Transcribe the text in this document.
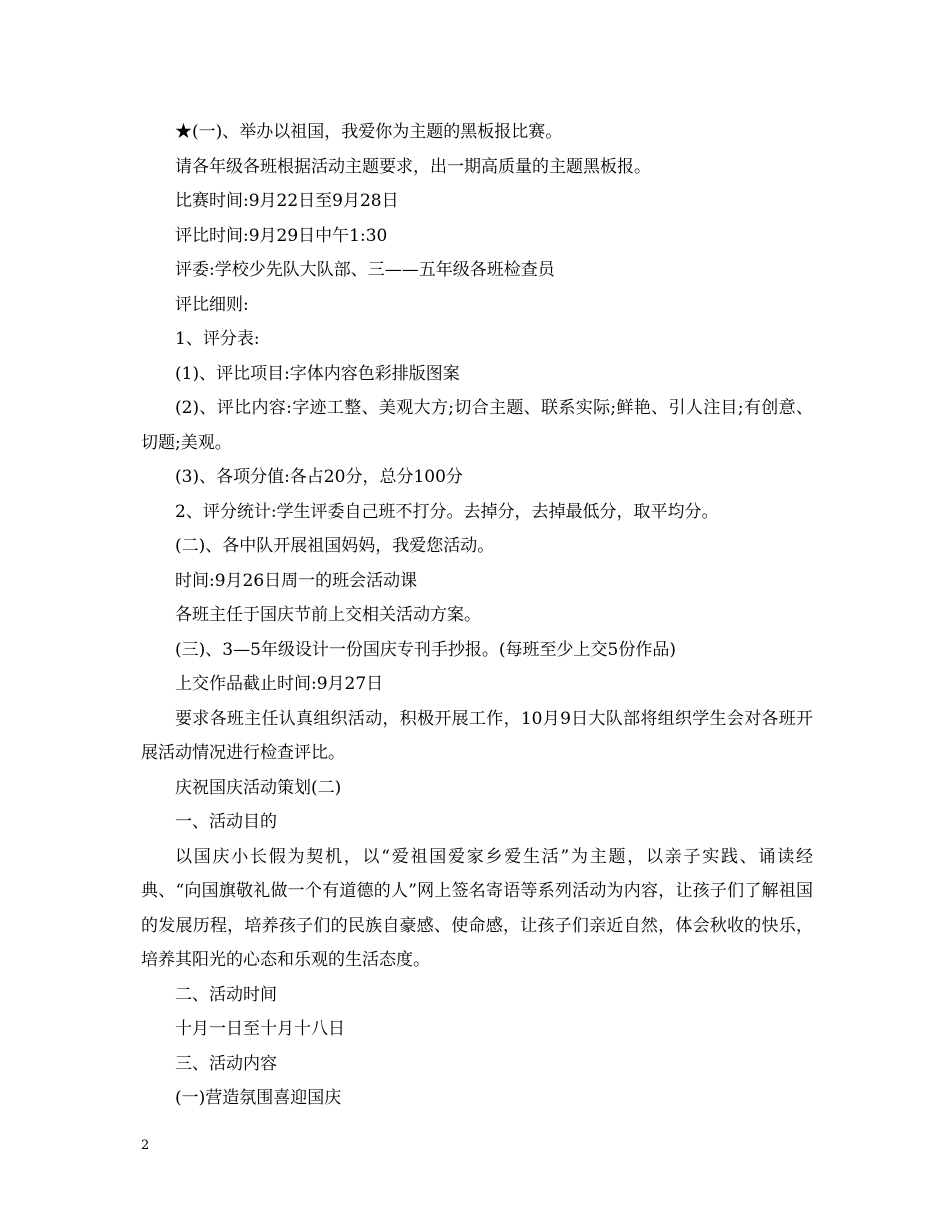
★(一)、举办以祖国，我爱你为主题的黑板报比赛。

请各年级各班根据活动主题要求，出一期高质量的主题黑板报。

比赛时间:9月22日至9月28日

评比时间:9月29日中午1:30

评委:学校少先队大队部、三——五年级各班检查员

评比细则:

1、评分表:

(1)、评比项目:字体内容色彩排版图案

(2)、评比内容:字迹工整、美观大方;切合主题、联系实际;鲜艳、引人注目;有创意、切题;美观。

(3)、各项分值:各占20分，总分100分

2、评分统计:学生评委自己班不打分。去掉分，去掉最低分，取平均分。

(二)、各中队开展祖国妈妈，我爱您活动。

时间:9月26日周一的班会活动课

各班主任于国庆节前上交相关活动方案。

(三)、3—5年级设计一份国庆专刊手抄报。(每班至少上交5份作品)

上交作品截止时间:9月27日

要求各班主任认真组织活动，积极开展工作，10月9日大队部将组织学生会对各班开展活动情况进行检查评比。

庆祝国庆活动策划(二)

一、活动目的

以国庆小长假为契机，以“爱祖国爱家乡爱生活”为主题，以亲子实践、诵读经典、“向国旗敬礼做一个有道德的人”网上签名寄语等系列活动为内容，让孩子们了解祖国的发展历程，培养孩子们的民族自豪感、使命感，让孩子们亲近自然，体会秋收的快乐，培养其阳光的心态和乐观的生活态度。

二、活动时间

十月一日至十月十八日

三、活动内容

(一)营造氛围喜迎国庆

2
